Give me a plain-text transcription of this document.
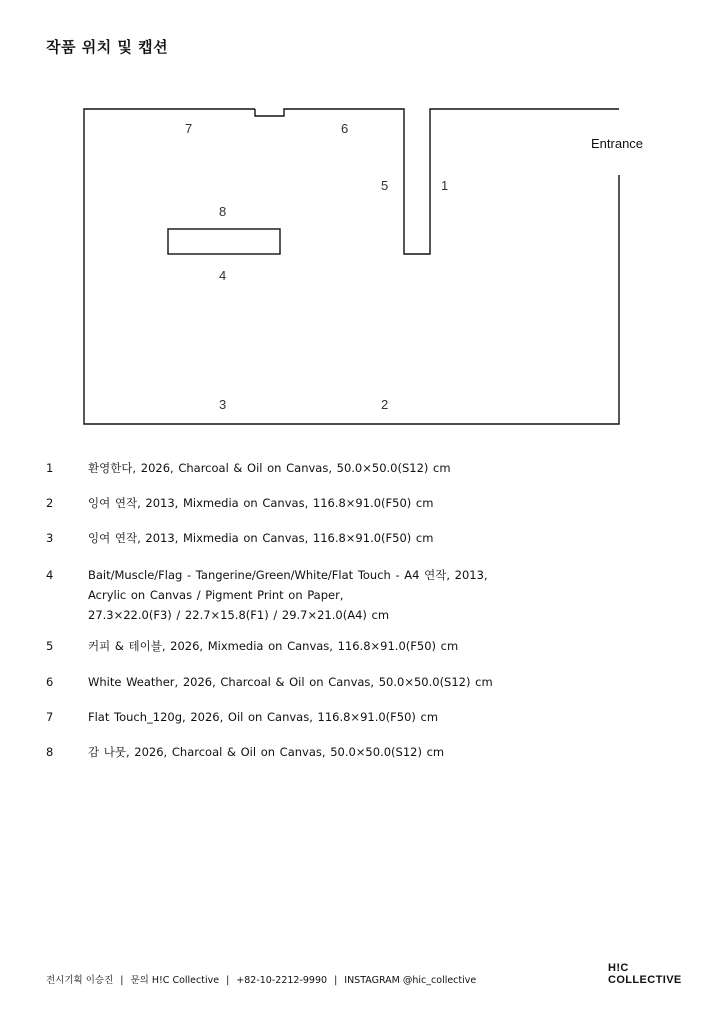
작품 위치 및 캡션
7	6
5	1
8
4
3	2
Entrance
1	환영한다, 2026, Charcoal & Oil on Canvas, 50.0×50.0(S12) cm
2	잉여 연작, 2013, Mixmedia on Canvas, 116.8×91.0(F50) cm
3	잉여 연작, 2013, Mixmedia on Canvas, 116.8×91.0(F50) cm
4	Bait/Muscle/Flag - Tangerine/Green/White/Flat Touch - A4 연작, 2013,
Acrylic on Canvas / Pigment Print on Paper,
27.3×22.0(F3) / 22.7×15.8(F1) / 29.7×21.0(A4) cm
5	커피 & 테이블, 2026, Mixmedia on Canvas, 116.8×91.0(F50) cm
6	White Weather, 2026, Charcoal & Oil on Canvas, 50.0×50.0(S12) cm
7	Flat Touch_120g, 2026, Oil on Canvas, 116.8×91.0(F50) cm
8	감 나뭇, 2026, Charcoal & Oil on Canvas, 50.0×50.0(S12) cm
전시기획 이승진 | 문의 H!C Collective | +82-10-2212-9990 | INSTAGRAM @hic_collective
H!C
COLLECTIVE
